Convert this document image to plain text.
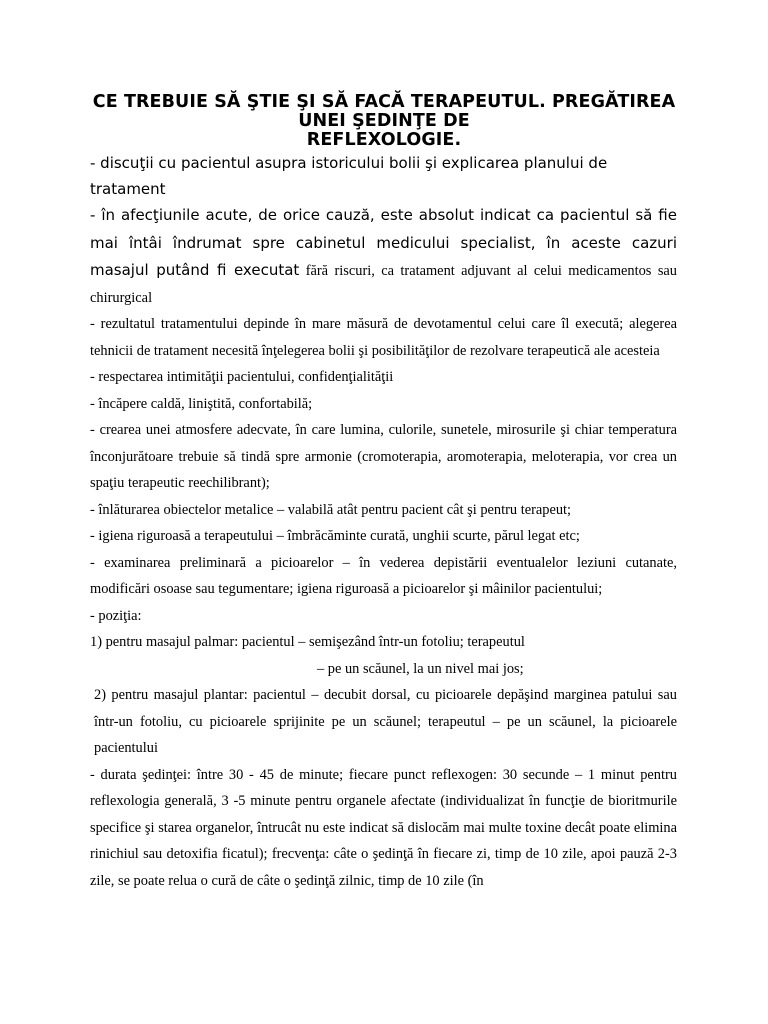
CE TREBUIE SĂ ŞTIE ŞI SĂ FACĂ TERAPEUTUL. PREGĂTIREA
UNEI ŞEDINŢE DE
REFLEXOLOGIE.

- discuţii cu pacientul asupra istoricului bolii şi explicarea planului de tratament

- în afecţiunile acute, de orice cauză, este absolut indicat ca pacientul să fie mai întâi îndrumat spre cabinetul medicului specialist, în aceste cazuri masajul putând fi executat fără riscuri, ca tratament adjuvant al celui medicamentos sau chirurgical

- rezultatul tratamentului depinde în mare măsură de devotamentul celui care îl execută; alegerea tehnicii de tratament necesită înţelegerea bolii şi posibilităţilor de rezolvare terapeutică ale acesteia

- respectarea intimităţii pacientului, confidenţialităţii

- încăpere caldă, liniştită, confortabilă;

- crearea unei atmosfere adecvate, în care lumina, culorile, sunetele, mirosurile şi chiar temperatura înconjurătoare trebuie să tindă spre armonie (cromoterapia, aromoterapia, meloterapia, vor crea un spaţiu terapeutic reechilibrant);

- înlăturarea obiectelor metalice – valabilă atât pentru pacient cât şi pentru terapeut;

- igiena riguroasă a terapeutului – îmbrăcăminte curată, unghii scurte, părul legat etc;

- examinarea preliminară a picioarelor – în vederea depistării eventualelor leziuni cutanate, modificări osoase sau tegumentare; igiena riguroasă a picioarelor şi mâinilor pacientului;

- poziţia:

1) pentru masajul palmar: pacientul – semişezând într-un fotoliu; terapeutul

– pe un scăunel, la un nivel mai jos;

2) pentru masajul plantar: pacientul – decubit dorsal, cu picioarele depăşind marginea patului sau într-un fotoliu, cu picioarele sprijinite pe un scăunel; terapeutul – pe un scăunel, la picioarele pacientului

- durata şedinţei: între 30 - 45 de minute; fiecare punct reflexogen: 30 secunde – 1 minut pentru reflexologia generală, 3 -5 minute pentru organele afectate (individualizat în funcţie de bioritmurile specifice şi starea organelor, întrucât nu este indicat să dislocăm mai multe toxine decât poate elimina rinichiul sau detoxifia ficatul); frecvenţa: câte o şedinţă în fiecare zi, timp de 10 zile, apoi pauză 2-3 zile, se poate relua o cură de câte o şedinţă zilnic, timp de 10 zile (în
